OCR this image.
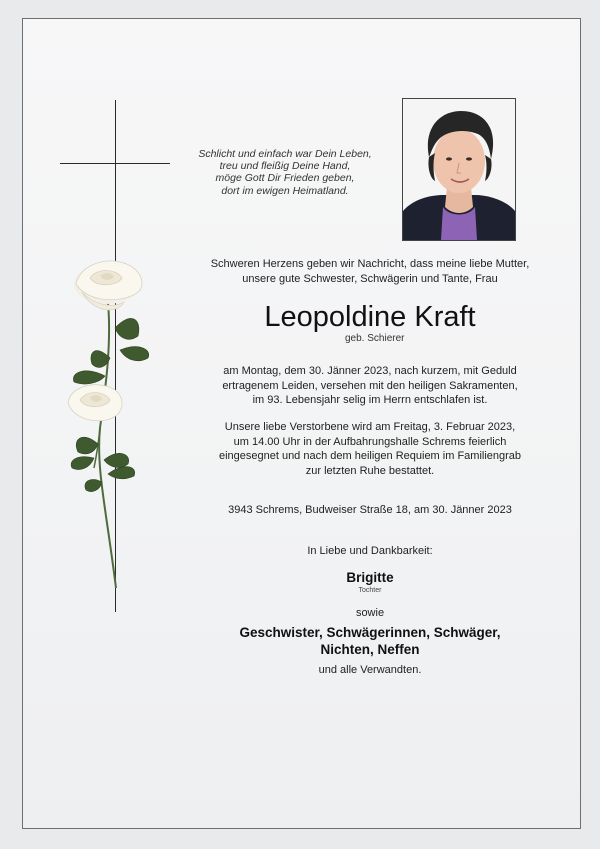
Schlicht und einfach war Dein Leben,
treu und fleißig Deine Hand,
möge Gott Dir Frieden geben,
dort im ewigen Heimatland.
Schweren Herzens geben wir Nachricht, dass meine liebe Mutter,
unsere gute Schwester, Schwägerin und Tante, Frau
Leopoldine Kraft
geb. Schierer
am Montag, dem 30. Jänner 2023, nach kurzem, mit Geduld
ertragenem Leiden, versehen mit den heiligen Sakramenten,
im 93. Lebensjahr selig im Herrn entschlafen ist.
Unsere liebe Verstorbene wird am Freitag, 3. Februar 2023,
um 14.00 Uhr in der Aufbahrungshalle Schrems feierlich
eingesegnet und nach dem heiligen Requiem im Familiengrab
zur letzten Ruhe bestattet.
3943 Schrems, Budweiser Straße 18, am 30. Jänner 2023
In Liebe und Dankbarkeit:
Brigitte
Tochter
sowie
Geschwister, Schwägerinnen, Schwäger,
Nichten, Neffen
und alle Verwandten.
